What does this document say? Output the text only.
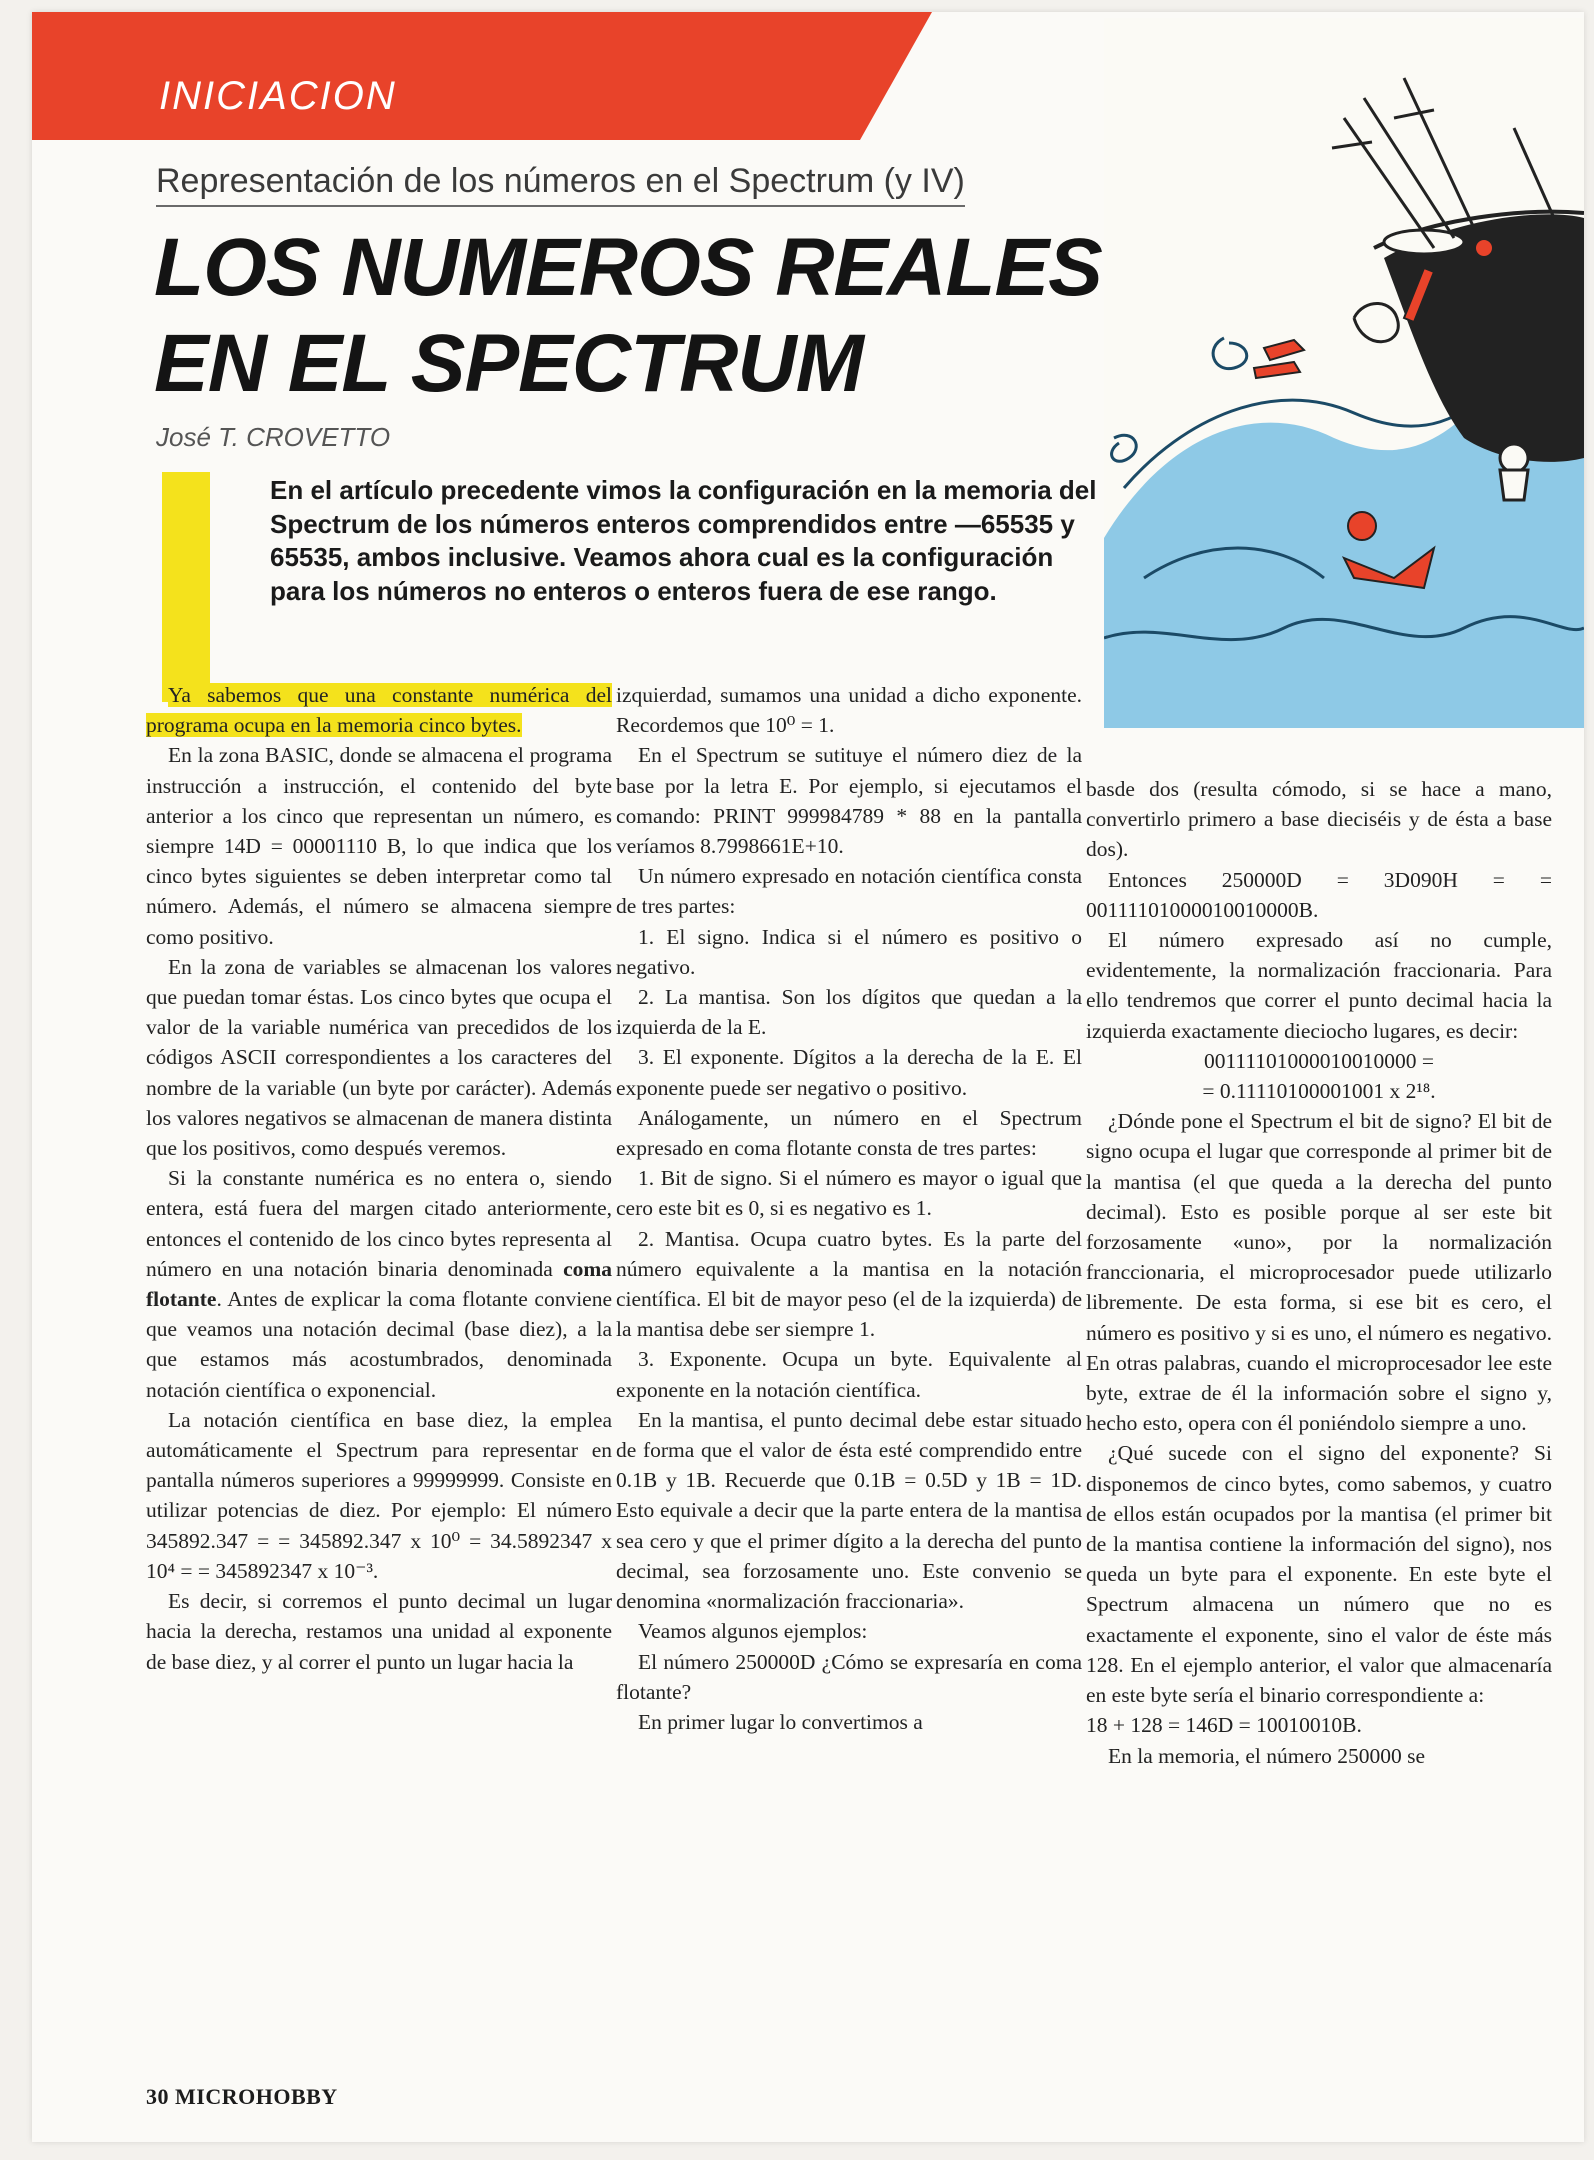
INICIACION
Representación de los números en el Spectrum (y IV)
LOS NUMEROS REALES
EN EL SPECTRUM
José T. CROVETTO
En el artículo precedente vimos la configuración en la memoria del Spectrum de los números enteros comprendidos entre —65535 y 65535, ambos inclusive. Veamos ahora cual es la configuración para los números no enteros o enteros fuera de ese rango.

Ya sabemos que una constante numérica del programa ocupa en la memoria cinco bytes.

En la zona BASIC, donde se almacena el programa instrucción a instrucción, el contenido del byte anterior a los cinco que representan un número, es siempre 14D = 00001110 B, lo que indica que los cinco bytes siguientes se deben interpretar como tal número. Además, el número se almacena siempre como positivo.

En la zona de variables se almacenan los valores que puedan tomar éstas. Los cinco bytes que ocupa el valor de la variable numérica van precedidos de los códigos ASCII correspondientes a los caracteres del nombre de la variable (un byte por carácter). Además los valores negativos se almacenan de manera distinta que los positivos, como después veremos.

Si la constante numérica es no entera o, siendo entera, está fuera del margen citado anteriormente, entonces el contenido de los cinco bytes representa al número en una notación binaria denominada coma flotante. Antes de explicar la coma flotante conviene que veamos una notación decimal (base diez), a la que estamos más acostumbrados, denominada notación científica o exponencial.

La notación científica en base diez, la emplea automáticamente el Spectrum para representar en pantalla números superiores a 99999999. Consiste en utilizar potencias de diez. Por ejemplo: El número 345892.347 = = 345892.347 x 10⁰ = 34.5892347 x 10⁴ = = 345892347 x 10⁻³.

Es decir, si corremos el punto decimal un lugar hacia la derecha, restamos una unidad al exponente de base diez, y al correr el punto un lugar hacia la

izquierdad, sumamos una unidad a dicho exponente. Recordemos que 10⁰ = 1.

En el Spectrum se sutituye el número diez de la base por la letra E. Por ejemplo, si ejecutamos el comando: PRINT 999984789 * 88 en la pantalla veríamos 8.7998661E+10.

Un número expresado en notación científica consta de tres partes:

1. El signo. Indica si el número es positivo o negativo.

2. La mantisa. Son los dígitos que quedan a la izquierda de la E.

3. El exponente. Dígitos a la derecha de la E. El exponente puede ser negativo o positivo.

Análogamente, un número en el Spectrum expresado en coma flotante consta de tres partes:

1. Bit de signo. Si el número es mayor o igual que cero este bit es 0, si es negativo es 1.

2. Mantisa. Ocupa cuatro bytes. Es la parte del número equivalente a la mantisa en la notación científica. El bit de mayor peso (el de la izquierda) de la mantisa debe ser siempre 1.

3. Exponente. Ocupa un byte. Equivalente al exponente en la notación científica.

En la mantisa, el punto decimal debe estar situado de forma que el valor de ésta esté comprendido entre 0.1B y 1B. Recuerde que 0.1B = 0.5D y 1B = 1D. Esto equivale a decir que la parte entera de la mantisa sea cero y que el primer dígito a la derecha del punto decimal, sea forzosamente uno. Este convenio se denomina «normalización fraccionaria».

Veamos algunos ejemplos:

El número 250000D ¿Cómo se expresaría en coma flotante?

En primer lugar lo convertimos a

basde dos (resulta cómodo, si se hace a mano, convertirlo primero a base dieciséis y de ésta a base dos).

Entonces 250000D = 3D090H = = 00111101000010010000B.

El número expresado así no cumple, evidentemente, la normalización fraccionaria. Para ello tendremos que correr el punto decimal hacia la izquierda exactamente dieciocho lugares, es decir:

00111101000010010000 =

= 0.11110100001001 x 2¹⁸.

¿Dónde pone el Spectrum el bit de signo? El bit de signo ocupa el lugar que corresponde al primer bit de la mantisa (el que queda a la derecha del punto decimal). Esto es posible porque al ser este bit forzosamente «uno», por la normalización franccionaria, el microprocesador puede utilizarlo libremente. De esta forma, si ese bit es cero, el número es positivo y si es uno, el número es negativo. En otras palabras, cuando el microprocesador lee este byte, extrae de él la información sobre el signo y, hecho esto, opera con él poniéndolo siempre a uno.

¿Qué sucede con el signo del exponente? Si disponemos de cinco bytes, como sabemos, y cuatro de ellos están ocupados por la mantisa (el primer bit de la mantisa contiene la información del signo), nos queda un byte para el exponente. En este byte el Spectrum almacena un número que no es exactamente el exponente, sino el valor de éste más 128. En el ejemplo anterior, el valor que almacenaría en este byte sería el binario correspondiente a:

18 + 128 = 146D = 10010010B.

En la memoria, el número 250000 se

30 MICROHOBBY
